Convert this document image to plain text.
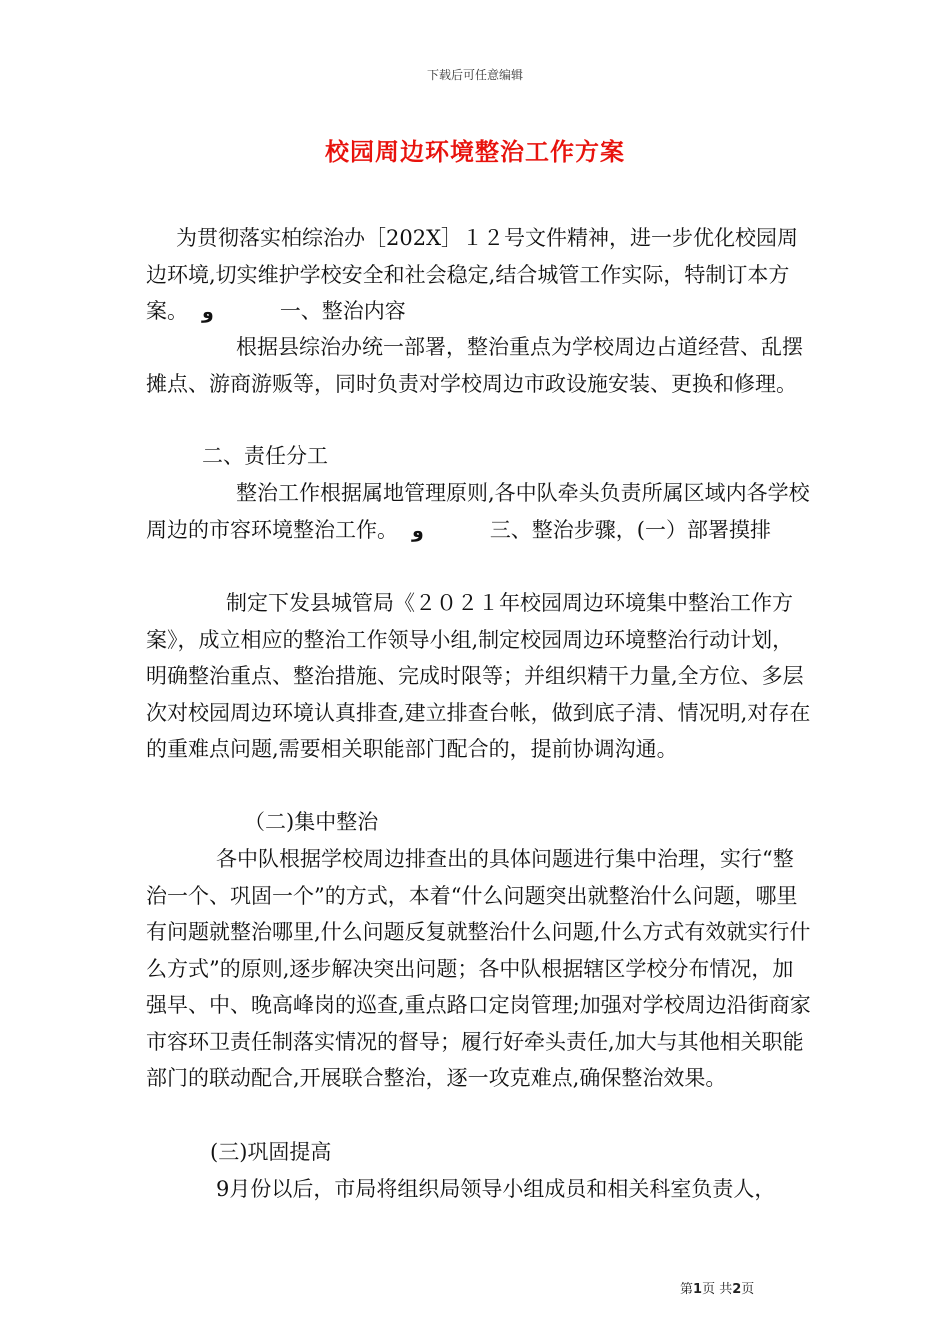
下载后可任意编辑
校园周边环境整治工作方案
为贯彻落实柏综治办［202X］１２号文件精神，进一步优化校园周边环境,切实维护学校安全和社会稳定,结合城管工作实际，特制订本方案。 و	一、整治内容
根据县综治办统一部署，整治重点为学校周边占道经营、乱摆摊点、游商游贩等，同时负责对学校周边市政设施安装、更换和修理。
二、责任分工
整治工作根据属地管理原则,各中队牵头负责所属区域内各学校周边的市容环境整治工作。 و	三、整治步骤，(一）部署摸排
制定下发县城管局《２０２１年校园周边环境集中整治工作方案》，成立相应的整治工作领导小组,制定校园周边环境整治行动计划，明确整治重点、整治措施、完成时限等；并组织精干力量,全方位、多层次对校园周边环境认真排查,建立排查台帐，做到底子清、情况明,对存在的重难点问题,需要相关职能部门配合的，提前协调沟通。
（二)集中整治
各中队根据学校周边排查出的具体问题进行集中治理，实行“整治一个、巩固一个”的方式，本着“什么问题突出就整治什么问题，哪里有问题就整治哪里,什么问题反复就整治什么问题,什么方式有效就实行什么方式”的原则,逐步解决突出问题；各中队根据辖区学校分布情况，加强早、中、晚高峰岗的巡查,重点路口定岗管理;加强对学校周边沿街商家市容环卫责任制落实情况的督导；履行好牵头责任,加大与其他相关职能部门的联动配合,开展联合整治，逐一攻克难点,确保整治效果。
(三)巩固提高
9月份以后，市局将组织局领导小组成员和相关科室负责人，
第1页 共2页
